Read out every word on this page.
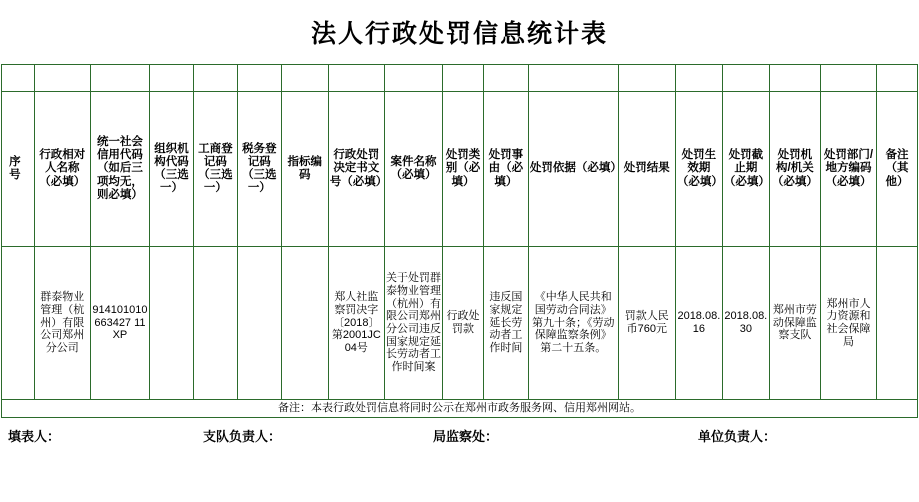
法人行政处罚信息统计表

序　号	行政相对人名称（必填）	统一社会信用代码（如后三项均无，则必填）	组织机构代码（三选一）	工商登记码（三选一）	税务登记码（三选一）	指标编码	行政处罚决定书文号（必填）	案件名称（必填）	处罚类别（必填）	处罚事由（必填）	处罚依据（必填）	处罚结果	处罚生效期（必填）	处罚截止期（必填）	处罚机构/机关（必填）	处罚部门/地方编码（必填）	备注（其他）
	群泰物业管理（杭州）有限公司郑州分公司	914101010663427 11XP					郑人社监察罚决字〔2018〕第2001JC04号	关于处罚群泰物业管理（杭州）有限公司郑州分公司违反国家规定延长劳动者工作时间案	行政处罚款	违反国家规定延长劳动者工作时间	《中华人民共和国劳动合同法》第九十条；《劳动保障监察条例》第二十五条。	罚款人民币760元	2018.08.16	2018.08.30	郑州市劳动保障监察支队	郑州市人力资源和社会保障局	
备注：本表行政处罚信息将同时公示在郑州市政务服务网、信用郑州网站。																	
填表人：	支队负责人：	局监察处：	单位负责人：
